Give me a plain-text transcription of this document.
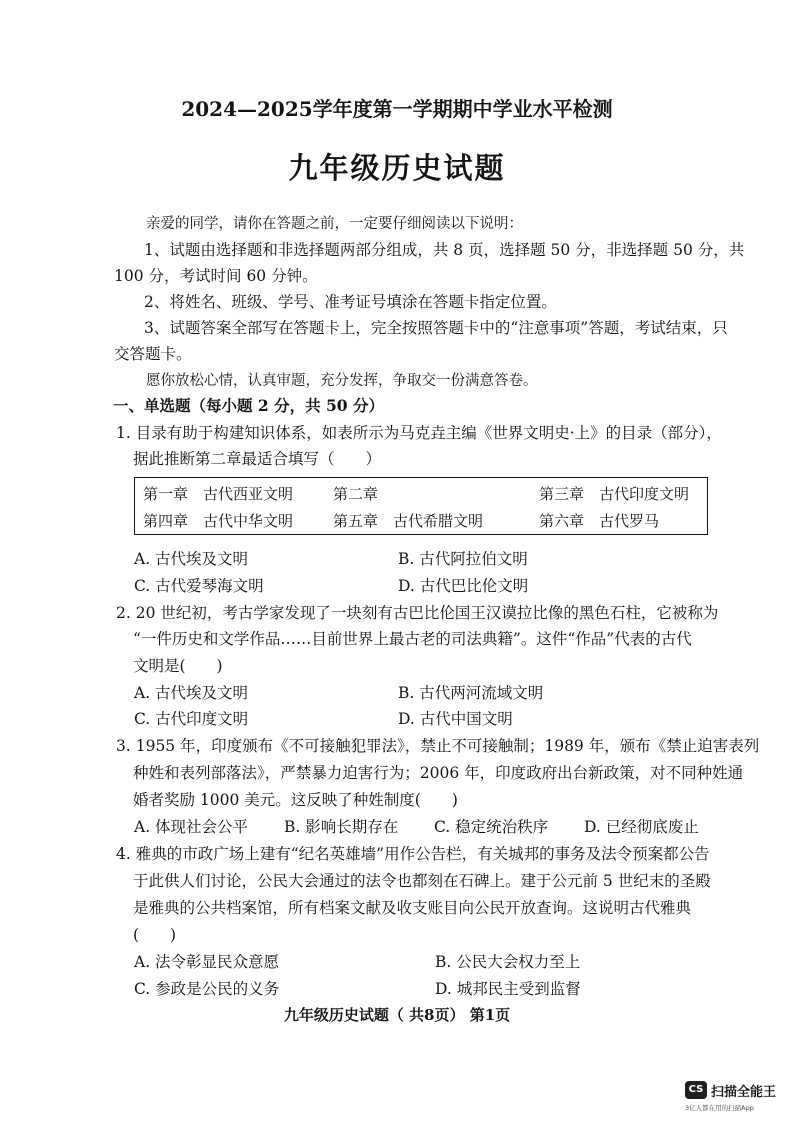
2024—2025学年度第一学期期中学业水平检测
九年级历史试题
亲爱的同学，请你在答题之前，一定要仔细阅读以下说明：
1、试题由选择题和非选择题两部分组成，共 8 页，选择题 50 分，非选择题 50 分，共
100 分，考试时间 60 分钟。
2、将姓名、班级、学号、准考证号填涂在答题卡指定位置。
3、试题答案全部写在答题卡上，完全按照答题卡中的“注意事项”答题，考试结束，只
交答题卡。
愿你放松心情，认真审题，充分发挥，争取交一份满意答卷。
一、单选题（每小题 2 分，共 50 分）
1. 目录有助于构建知识体系，如表所示为马克垚主编《世界文明史·上》的目录（部分），
据此推断第二章最适合填写（　　）
第一章　古代西亚文明	第二章	第三章　古代印度文明
第四章　古代中华文明	第五章　古代希腊文明	第六章　古代罗马
A. 古代埃及文明	B. 古代阿拉伯文明
C. 古代爱琴海文明	D. 古代巴比伦文明
2. 20 世纪初，考古学家发现了一块刻有古巴比伦国王汉谟拉比像的黑色石柱，它被称为
“一件历史和文学作品……目前世界上最古老的司法典籍”。这件“作品”代表的古代
文明是(　　)
A. 古代埃及文明	B. 古代两河流域文明
C. 古代印度文明	D. 古代中国文明
3. 1955 年，印度颁布《不可接触犯罪法》，禁止不可接触制；1989 年，颁布《禁止迫害表列
种姓和表列部落法》，严禁暴力迫害行为；2006 年，印度政府出台新政策，对不同种姓通
婚者奖励 1000 美元。这反映了种姓制度(　　)
A. 体现社会公平 B. 影响长期存在 C. 稳定统治秩序 D. 已经彻底废止
4. 雅典的市政广场上建有“纪名英雄墙”用作公告栏，有关城邦的事务及法令预案都公告
于此供人们讨论，公民大会通过的法令也都刻在石碑上。建于公元前 5 世纪末的圣殿
是雅典的公共档案馆，所有档案文献及收支账目向公民开放查询。这说明古代雅典
(　　)
A. 法令彰显民众意愿	B. 公民大会权力至上
C. 参政是公民的义务	D. 城邦民主受到监督
九年级历史试题（ 共8页） 第1页
CS 扫描全能王
3亿人都在用的扫描App
